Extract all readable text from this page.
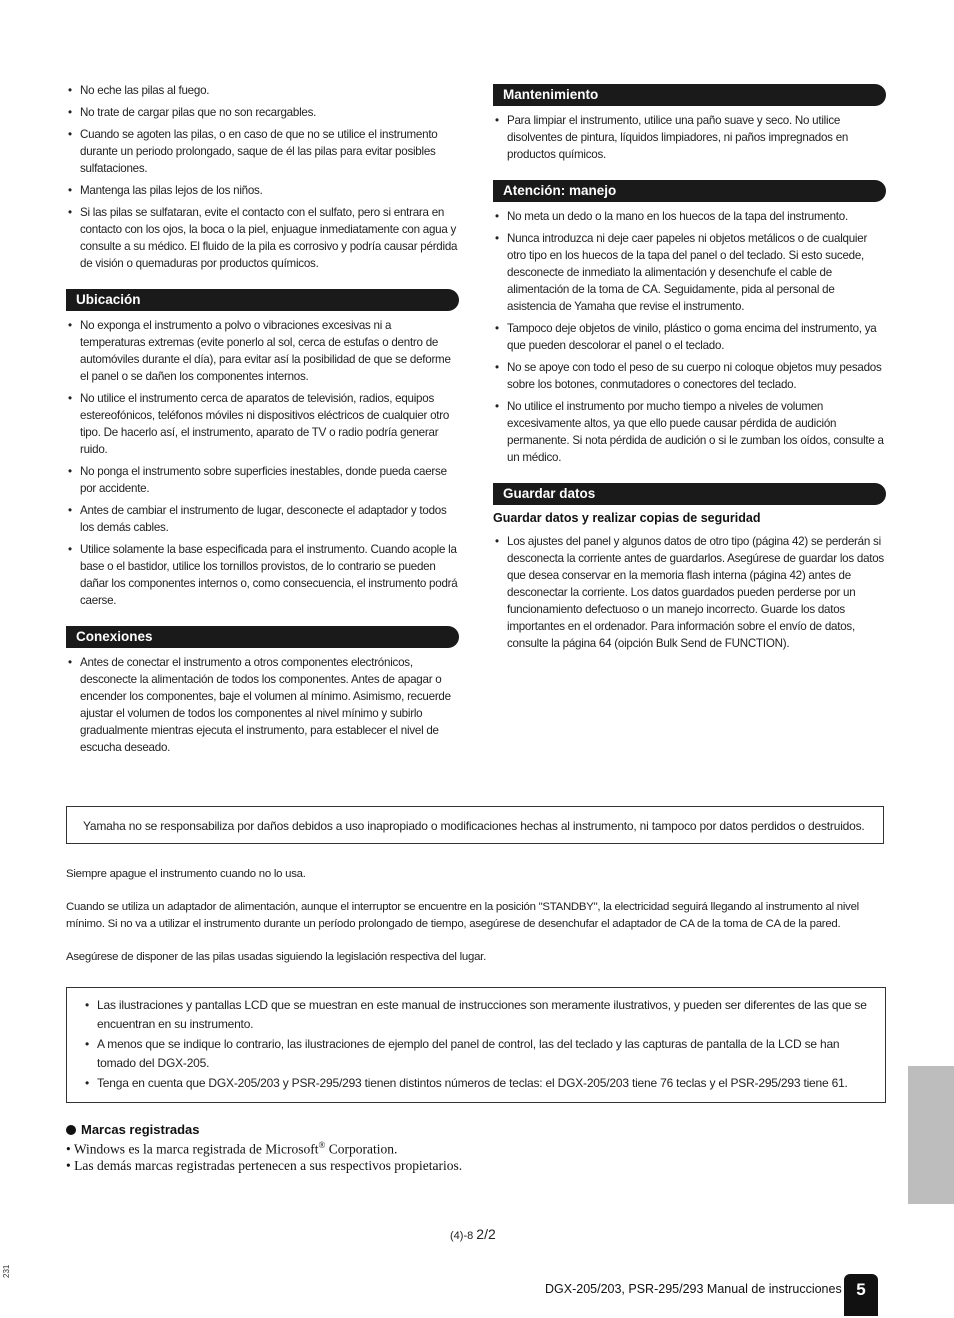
• No eche las pilas al fuego.
• No trate de cargar pilas que no son recargables.
• Cuando se agoten las pilas, o en caso de que no se utilice el instrumento durante un periodo prolongado, saque de él las pilas para evitar posibles sulfataciones.
• Mantenga las pilas lejos de los niños.
• Si las pilas se sulfataran, evite el contacto con el sulfato, pero si entrara en contacto con los ojos, la boca o la piel, enjuague inmediatamente con agua y consulte a su médico. El fluido de la pila es corrosivo y podría causar pérdida de visión o quemaduras por productos químicos.
Ubicación
• No exponga el instrumento a polvo o vibraciones excesivas ni a temperaturas extremas (evite ponerlo al sol, cerca de estufas o dentro de automóviles durante el día), para evitar así la posibilidad de que se deforme el panel o se dañen los componentes internos.
• No utilice el instrumento cerca de aparatos de televisión, radios, equipos estereofónicos, teléfonos móviles ni dispositivos eléctricos de cualquier otro tipo. De hacerlo así, el instrumento, aparato de TV o radio podría generar ruido.
• No ponga el instrumento sobre superficies inestables, donde pueda caerse por accidente.
• Antes de cambiar el instrumento de lugar, desconecte el adaptador y todos los demás cables.
• Utilice solamente la base especificada para el instrumento. Cuando acople la base o el bastidor, utilice los tornillos provistos, de lo contrario se pueden dañar los componentes internos o, como consecuencia, el instrumento podrá caerse.
Conexiones
• Antes de conectar el instrumento a otros componentes electrónicos, desconecte la alimentación de todos los componentes. Antes de apagar o encender los componentes, baje el volumen al mínimo. Asimismo, recuerde ajustar el volumen de todos los componentes al nivel mínimo y subirlo gradualmente mientras ejecuta el instrumento, para establecer el nivel de escucha deseado.
Mantenimiento
• Para limpiar el instrumento, utilice una paño suave y seco. No utilice disolventes de pintura, líquidos limpiadores, ni paños impregnados en productos químicos.
Atención: manejo
• No meta un dedo o la mano en los huecos de la tapa del instrumento.
• Nunca introduzca ni deje caer papeles ni objetos metálicos o de cualquier otro tipo en los huecos de la tapa del panel o del teclado. Si esto sucede, desconecte de inmediato la alimentación y desenchufe el cable de alimentación de la toma de CA. Seguidamente, pida al personal de asistencia de Yamaha que revise el instrumento.
• Tampoco deje objetos de vinilo, plástico o goma encima del instrumento, ya que pueden descolorar el panel o el teclado.
• No se apoye con todo el peso de su cuerpo ni coloque objetos muy pesados sobre los botones, conmutadores o conectores del teclado.
• No utilice el instrumento por mucho tiempo a niveles de volumen excesivamente altos, ya que ello puede causar pérdida de audición permanente. Si nota pérdida de audición o si le zumban los oídos, consulte a un médico.
Guardar datos
Guardar datos y realizar copias de seguridad
• Los ajustes del panel y algunos datos de otro tipo (página 42) se perderán si desconecta la corriente antes de guardarlos. Asegúrese de guardar los datos que desea conservar en la memoria flash interna (página 42) antes de desconectar la corriente. Los datos guardados pueden perderse por un funcionamiento defectuoso o un manejo incorrecto. Guarde los datos importantes en el ordenador. Para información sobre el envío de datos, consulte la página 64 (oipción Bulk Send de FUNCTION).
Yamaha no se responsabiliza por daños debidos a uso inapropiado o modificaciones hechas al instrumento, ni tampoco por datos perdidos o destruidos.
Siempre apague el instrumento cuando no lo usa.
Cuando se utiliza un adaptador de alimentación, aunque el interruptor se encuentre en la posición "STANDBY", la electricidad seguirá llegando al instrumento al nivel mínimo. Si no va a utilizar el instrumento durante un período prolongado de tiempo, asegúrese de desenchufar el adaptador de CA de la toma de CA de la pared.
Asegúrese de disponer de las pilas usadas siguiendo la legislación respectiva del lugar.
• Las ilustraciones y pantallas LCD que se muestran en este manual de instrucciones son meramente ilustrativos, y pueden ser diferentes de las que se encuentran en su instrumento.
• A menos que se indique lo contrario, las ilustraciones de ejemplo del panel de control, las del teclado y las capturas de pantalla de la LCD se han tomado del DGX-205.
• Tenga en cuenta que DGX-205/203 y PSR-295/293 tienen distintos números de teclas: el DGX-205/203 tiene 76 teclas y el PSR-295/293 tiene 61.
Marcas registradas
• Windows es la marca registrada de Microsoft® Corporation.
• Las demás marcas registradas pertenecen a sus respectivos propietarios.
(4)-8 2/2
231
DGX-205/203, PSR-295/293 Manual de instrucciones 5
